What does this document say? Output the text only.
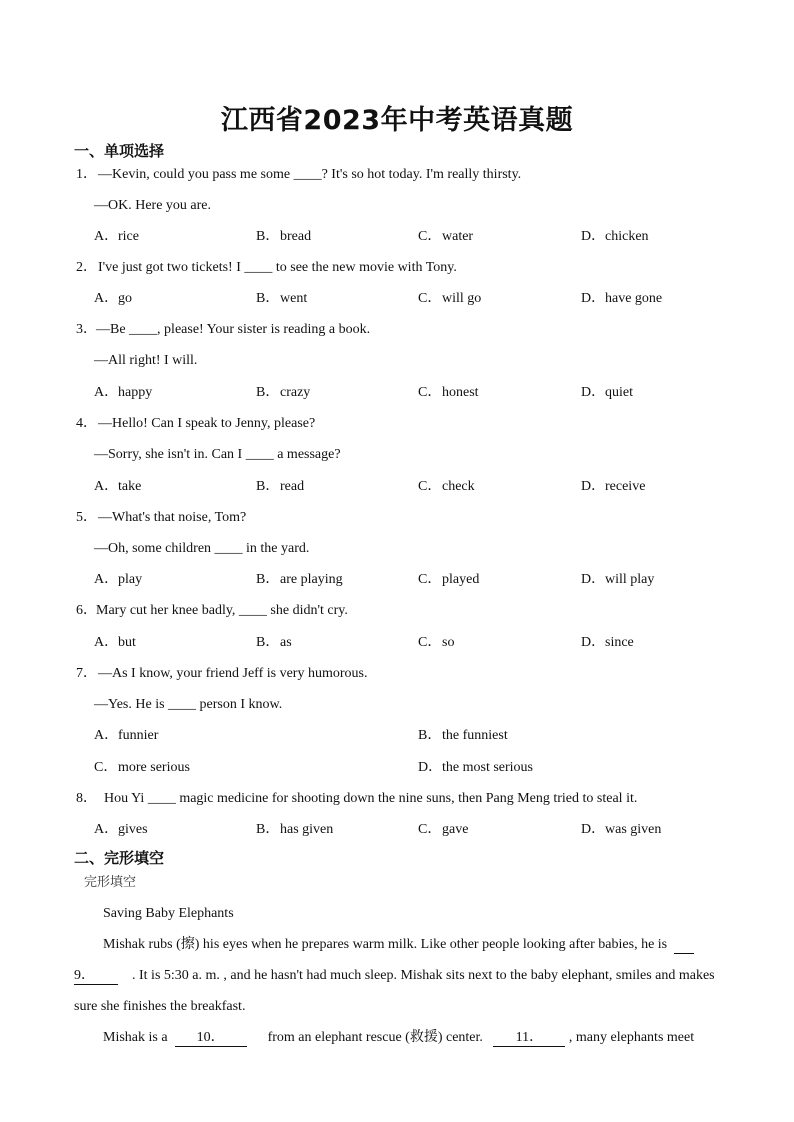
江西省2023年中考英语真题
一、单项选择
1．—Kevin, could you pass me some ____? It's so hot today. I'm really thirsty.
—OK. Here you are.
A．rice	B．bread	C．water	D．chicken
2．I've just got two tickets! I ____ to see the new movie with Tony.
A．go	B．went	C．will go	D．have gone
3．—Be ____, please! Your sister is reading a book.
—All right! I will.
A．happy	B．crazy	C．honest	D．quiet
4．—Hello! Can I speak to Jenny, please?
—Sorry, she isn't in. Can I ____ a message?
A．take	B．read	C．check	D．receive
5．—What's that noise, Tom?
—Oh, some children ____ in the yard.
A．play	B．are playing	C．played	D．will play
6．Mary cut her knee badly, ____ she didn't cry.
A．but	B．as	C．so	D．since
7．—As I know, your friend Jeff is very humorous.
—Yes. He is ____ person I know.
A．funnier	B．the funniest
C．more serious	D．the most serious
8． Hou Yi ____ magic medicine for shooting down the nine suns, then Pang Meng tried to steal it.
A．gives	B．has given	C．gave	D．was given
二、完形填空
完形填空
Saving Baby Elephants
Mishak rubs (擦) his eyes when he prepares warm milk. Like other people looking after babies, he is
9．	. It is 5:30 a. m. , and he hasn't had much sleep. Mishak sits next to the baby elephant, smiles and makes
sure she finishes the breakfast.
Mishak is a 10．	from an elephant rescue (救援) center. 11． , many elephants meet
